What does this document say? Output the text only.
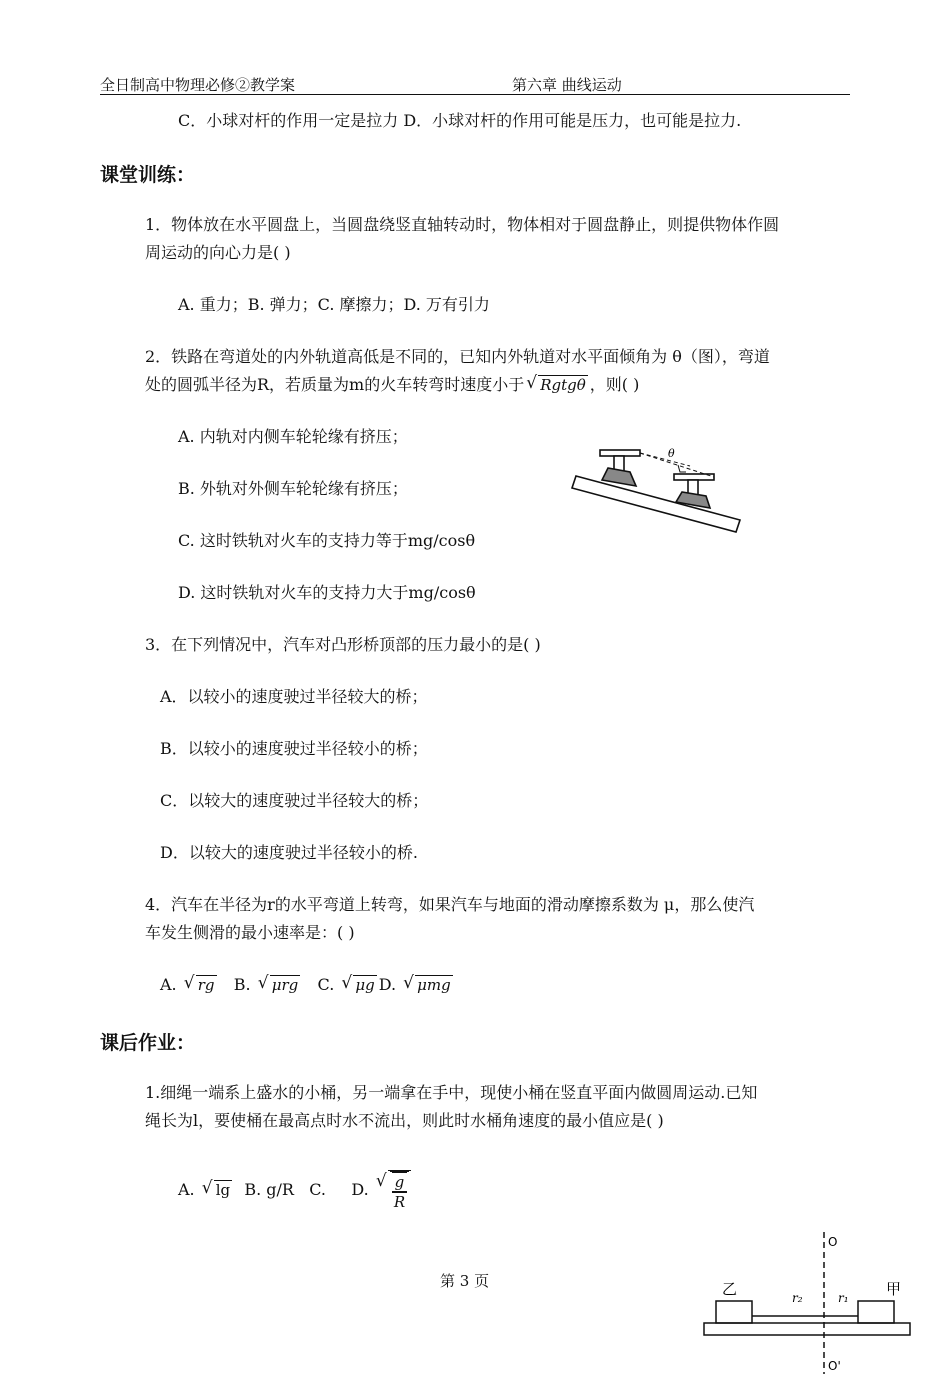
全日制高中物理必修②教学案	第六章 曲线运动
C．小球对杆的作用一定是拉力 D．小球对杆的作用可能是压力，也可能是拉力.
课堂训练：
1．物体放在水平圆盘上，当圆盘绕竖直轴转动时，物体相对于圆盘静止，则提供物体作圆
周运动的向心力是( )
A. 重力；B. 弹力；C. 摩擦力；D. 万有引力
2．铁路在弯道处的内外轨道高低是不同的，已知内外轨道对水平面倾角为 θ（图），弯道
处的圆弧半径为R，若质量为m的火车转弯时速度小于 √ Rgtgθ ，则( )
A. 内轨对内侧车轮轮缘有挤压；
B. 外轨对外侧车轮轮缘有挤压；
C. 这时铁轨对火车的支持力等于mg/cosθ
D. 这时铁轨对火车的支持力大于mg/cosθ
θ
3．在下列情况中，汽车对凸形桥顶部的压力最小的是( )
A．以较小的速度驶过半径较大的桥；
B．以较小的速度驶过半径较小的桥；
C．以较大的速度驶过半径较大的桥；
D．以较大的速度驶过半径较小的桥.
4．汽车在半径为r的水平弯道上转弯，如果汽车与地面的滑动摩擦系数为 μ，那么使汽
车发生侧滑的最小速率是：( )
A. √ rg B. √ μrg C. √ μg D. √ μmg
课后作业：
1.细绳一端系上盛水的小桶，另一端拿在手中，现使小桶在竖直平面内做圆周运动.已知
绳长为l，要使桶在最高点时水不流出，则此时水桶角速度的最小值应是( )
A. √ lg B. g/R C. D. √ $\frac{g}{R}$
第 3 页
O
O'
乙	甲
r₂	r₁
